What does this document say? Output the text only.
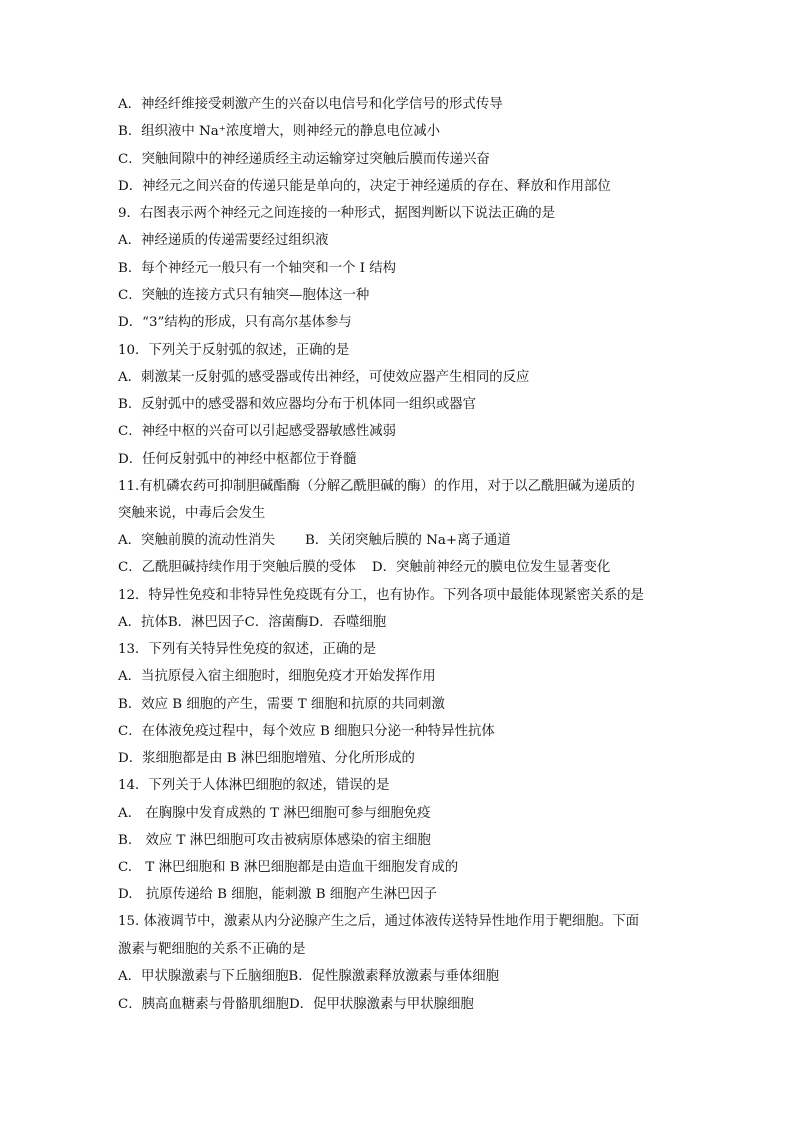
A．神经纤维接受刺激产生的兴奋以电信号和化学信号的形式传导
B．组织液中 Na⁺浓度增大，则神经元的静息电位减小
C．突触间隙中的神经递质经主动运输穿过突触后膜而传递兴奋
D．神经元之间兴奋的传递只能是单向的，决定于神经递质的存在、释放和作用部位
9．右图表示两个神经元之间连接的一种形式，据图判断以下说法正确的是
A．神经递质的传递需要经过组织液
B．每个神经元一般只有一个轴突和一个 I 结构
C．突触的连接方式只有轴突—胞体这一种
D．“3”结构的形成，只有高尔基体参与
10．下列关于反射弧的叙述，正确的是
A．刺激某一反射弧的感受器或传出神经，可使效应器产生相同的反应
B．反射弧中的感受器和效应器均分布于机体同一组织或器官
C．神经中枢的兴奋可以引起感受器敏感性减弱
D．任何反射弧中的神经中枢都位于脊髓
11.有机磷农药可抑制胆碱酯酶（分解乙酰胆碱的酶）的作用，对于以乙酰胆碱为递质的
突触来说，中毒后会发生
A．突触前膜的流动性消失 B．关闭突触后膜的 Na+离子通道
C．乙酰胆碱持续作用于突触后膜的受体 D．突触前神经元的膜电位发生显著变化
12．特异性免疫和非特异性免疫既有分工，也有协作。下列各项中最能体现紧密关系的是
A．抗体B．淋巴因子C．溶菌酶D．吞噬细胞
13．下列有关特异性免疫的叙述，正确的是
A．当抗原侵入宿主细胞时，细胞免疫才开始发挥作用
B．效应 B 细胞的产生，需要 T 细胞和抗原的共同刺激
C．在体液免疫过程中，每个效应 B 细胞只分泌一种特异性抗体
D．浆细胞都是由 B 淋巴细胞增殖、分化所形成的
14．下列关于人体淋巴细胞的叙述，错误的是
A.　在胸腺中发育成熟的 T 淋巴细胞可参与细胞免疫
B.　效应 T 淋巴细胞可攻击被病原体感染的宿主细胞
C.　T 淋巴细胞和 B 淋巴细胞都是由造血干细胞发育成的
D.　抗原传递给 B 细胞，能刺激 B 细胞产生淋巴因子
15. 体液调节中，激素从内分泌腺产生之后，通过体液传送特异性地作用于靶细胞。下面
激素与靶细胞的关系不正确的是
A．甲状腺激素与下丘脑细胞B．促性腺激素释放激素与垂体细胞
C．胰高血糖素与骨骼肌细胞D．促甲状腺激素与甲状腺细胞
